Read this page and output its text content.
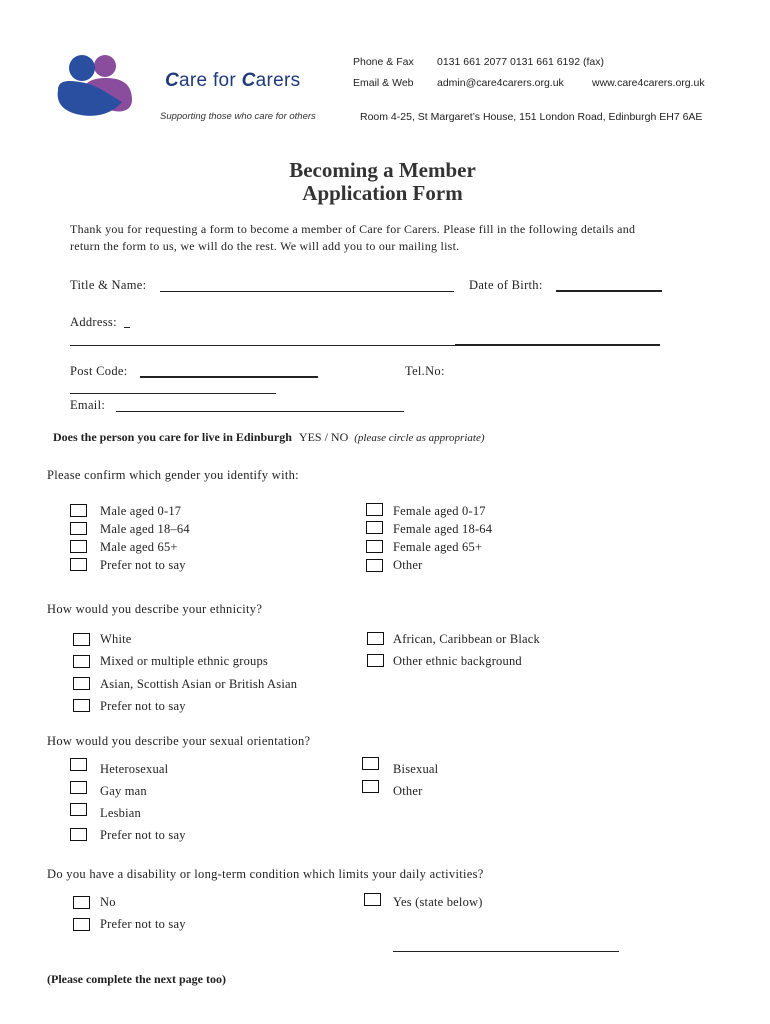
Care for Carers
Supporting those who care for others
Phone & Fax 0131 661 2077 0131 661 6192 (fax)
Email & Web admin@care4carers.org.uk	www.care4carers.org.uk
Room 4-25, St Margaret’s House, 151 London Road, Edinburgh EH7 6AE
Becoming a Member
Application Form
Thank you for requesting a form to become a member of Care for Carers. Please fill in the following details and
return the form to us, we will do the rest. We will add you to our mailing list.
Title & Name:	Date of Birth:
Address:
Post Code:	Tel.No:
Email:
Does the person you care for live in Edinburgh YES / NO (please circle as appropriate)
Please confirm which gender you identify with:
Male aged 0-17
Male aged 18–64
Male aged 65+
Prefer not to say
Female aged 0-17
Female aged 18-64
Female aged 65+
Other
How would you describe your ethnicity?
White
Mixed or multiple ethnic groups
Asian, Scottish Asian or British Asian
Prefer not to say
African, Caribbean or Black
Other ethnic background
How would you describe your sexual orientation?
Heterosexual
Gay man
Lesbian
Prefer not to say
Bisexual
Other
Do you have a disability or long-term condition which limits your daily activities?
No
Prefer not to say
Yes (state below)
(Please complete the next page too)
